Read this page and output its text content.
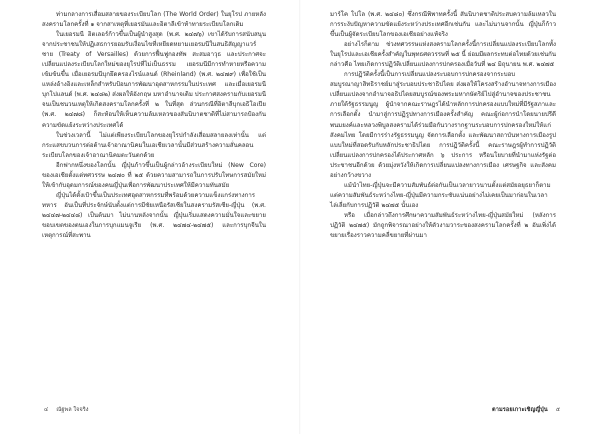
ท่ามกลางการเสื่อมสลายของระเบียบโลก (The World Order) ในยุโรป ภายหลังสงครามโลกครั้งที่ ๑ จากสาเหตุที่เยอรมันและอิตาลีเข้าท้าทายระเบียบโลกเดิม

ในเยอรมนี ฮิตเลอร์ก้าวขึ้นเป็นผู้นำสูงสุด (พ.ศ. ๒๔๗๖) เขาได้รับการสนับสนุนจากประชาชนให้ปฏิเสธการยอมรับเงื่อนไขที่เหยียดหยามเยอรมนีในสนธิสัญญาแวร์ซาย (Treaty of Versailles) ด้วยการฟื้นฟูกองทัพ สะสมอาวุธ และประกาศจะเปลี่ยนแปลงระเบียบโลกใหม่ของยุโรปที่ไม่เป็นธรรม เยอรมนีมีการทำหายหรือความเข้มข้นขึ้น เมื่อเยอรมนีบุกยึดครองไรน์แลนด์ (Rheinland) (พ.ศ. ๒๔๗๙) เพื่อใช้เป็นแหล่งอ้างอิงและเหล็กสำหรับป้อนการพัฒนาอุตสาหกรรมในประเทศ และเมื่อเยอรมนีบุกโปแลนด์ (พ.ศ. ๒๔๘๒) ส่งผลให้อังกฤษ มหาอำนาจเดิม ประกาศสงครามกับเยอรมนี จนเป็นชนวนเหตุให้เกิดสงครามโลกครั้งที่ ๒ ในที่สุด ส่วนกรณีที่อิตาลีบุกเอธิโอเปีย (พ.ศ. ๒๔๗๘) ก็สะท้อนให้เห็นความล้มเหลวของสันนิบาตชาติที่ไม่สามารถป้องกันความขัดแย้งระหว่างประเทศได้

ในช่วงเวลานี้ ไม่แต่เพียงระเบียบโลกของยุโรปกำลังเสื่อมสลายลงเท่านั้น แต่กระแสขบวนการต่อต้านเจ้าอาณานิคมในเอเชียเวลานั้นมีส่วนสร้างความสั่นคลอนระเบียบโลกของเจ้าอาณานิคมตะวันตกด้วย

อีกฟากหนึ่งของโลกนั้น ญี่ปุ่นก้าวขึ้นเป็นผู้กล่าวอ้างระเบียบใหม่ (New Core) ของเอเชียตั้งแต่ทศวรรษ ๒๔๗๐ ที่ ๒๕ ด้วยความสามารถในการปรับโทษการสมัยใหม่ให้เข้ากับอุดมการณ์ของคนญี่ปุ่นเพื่อการพัฒนาประเทศให้มีความทันสมัย

ญี่ปุ่นได้ตั้งเป้าขึ้นเป็นประเทศอุตสาหกรรมที่พร้อมด้วยความแข็งแกร่งทางการทหาร อันเป็นที่ประจักษ์นับตั้งแต่การมีชัยเหนือรัสเซียในสงครามรัสเซีย-ญี่ปุ่น (พ.ศ. ๒๔๔๗-๒๔๔๘) เป็นต้นมา ไม่นานหลังจากนั้น ญี่ปุ่นเริ่มแสดงความมั่นใจและขยายขอบเขตของตนเองในการบุกแมนจูเรีย (พ.ศ. ๒๔๗๔-๒๔๗๕) และการบุกจีนในเหตุการณ์ที่สะพาน

๔ ณัฐพล ใจจริง

มาร์โค โปโล (พ.ศ. ๒๔๘๐) ซึ่งกรณีพิพาทครั้งนี้ สันนิบาตชาติประสบความล้มเหลวในการระงับปัญหาความขัดแย้งระหว่างประเทศอีกเช่นกัน และไม่นานจากนั้น ญี่ปุ่นก็ก้าวขึ้นเป็นผู้จัดระเบียบโลกของเอเชียอย่างแท้จริง

อย่างไรก็ตาม ช่วงทศวรรษแห่งสงครามโลกครั้งนี้การเปลี่ยนแปลงระเบียบโลกทั้งในยุโรปและเอเชียครั้งสำคัญในพุทธศตวรรษที่ ๒๕ นี้ ย่อมมีผลกระทบต่อไทยด้วยเช่นกัน กล่าวคือ ไทยเกิดการปฏิวัติเปลี่ยนแปลงการปกครองเมื่อวันที่ ๒๔ มิถุนายน พ.ศ. ๒๔๗๕

การปฏิวัติครั้งนี้เป็นการเปลี่ยนแปลงระบอบการปกครองจากระบอบสมบูรณาญาสิทธิราชย์มาสู่ระบอบประชาธิปไตย ส่งผลให้โครงสร้างอำนาจทางการเมืองเปลี่ยนแปลงจากอำนาจอธิปไตยสมบูรณ์ของพระมหากษัตริย์ไปสู่อำนาจของประชาชนภายใต้รัฐธรรมนูญ ผู้นำจากคณะราษฎรได้นำหลักการปกครองแบบใหม่ที่มีรัฐสภาและการเลือกตั้ง นำมาสู่การปฏิรูปทางการเมืองครั้งสำคัญ คณะผู้ก่อการนำโดยนายปรีดี พนมยงค์และหลวงพิบูลสงครามได้ร่วมมือกันวางรากฐานระบอบการปกครองใหม่ให้แก่สังคมไทย โดยมีการร่างรัฐธรรมนูญ จัดการเลือกตั้ง และพัฒนาสถาบันทางการเมืองรูปแบบใหม่ที่สอดรับกับหลักประชาธิปไตย การปฏิวัติครั้งนี้ คณะราษฎรผู้ทำการปฏิวัติเปลี่ยนแปลงการปกครองได้ประกาศหลัก ๖ ประการ หรือนโยบายที่นำมาแห่งรัฐต่อประชาชนอีกด้วย ด้วยมุ่งหวังให้เกิดการเปลี่ยนแปลงทางการเมือง เศรษฐกิจ และสังคมอย่างกว้างขวาง

แม้นำไทย-ญี่ปุ่นจะมีความสัมพันธ์ต่อกันเป็นเวลายาวนานตั้งแต่สมัยอยุธยาก็ตาม แต่ความสัมพันธ์ระหว่างไทย-ญี่ปุ่นมีความกระชับแน่นอย่างไม่เคยเป็นมาก่อนในเวลาไล่เลี่ยกับการปฏิวัติ ๒๔๗๕ นั้นเอง

หรือ เมื่อกล่าวถึงการศึกษาความสัมพันธ์ระหว่างไทย-ญี่ปุ่นสมัยใหม่ (หลังการปฏิวัติ ๒๔๗๕) มักถูกพิจารณาอย่างให้ตัวงามวาระของสงครามโลกครั้งที่ ๒ อันเพิ่งได้ขยายเรื่องราวความคลี่ขยายที่ผ่านมา

ตามรอยเกาะเชิญญี่ปุ่น ๕
